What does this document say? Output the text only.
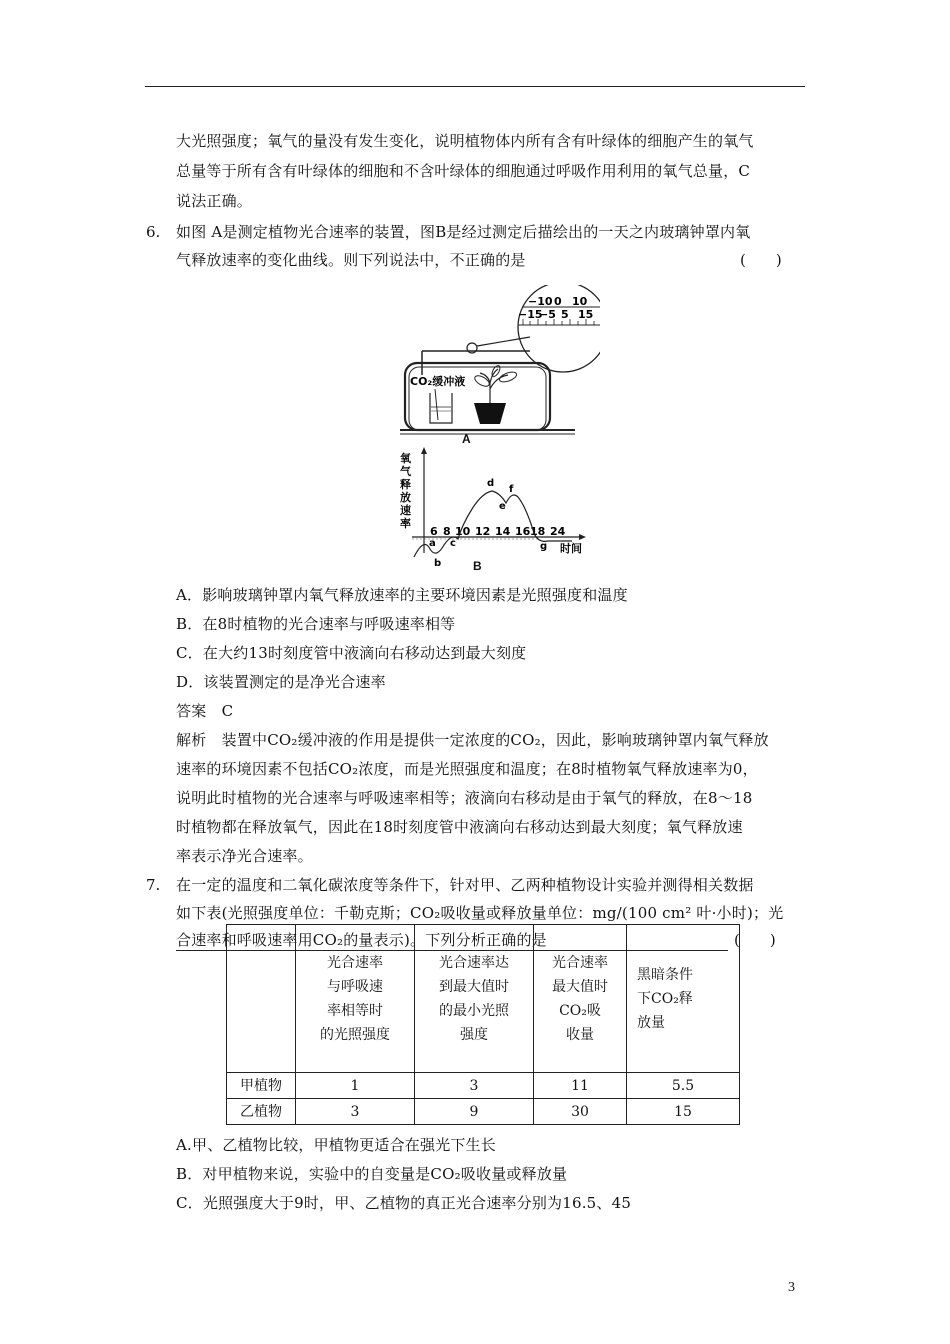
大光照强度；氧气的量没有发生变化，说明植物体内所有含有叶绿体的细胞产生的氧气
总量等于所有含有叶绿体的细胞和不含叶绿体的细胞通过呼吸作用利用的氧气总量，C
说法正确。
6. 如图 A是测定植物光合速率的装置，图B是经过测定后描绘出的一天之内玻璃钟罩内氧
气释放速率的变化曲线。则下列说法中，不正确的是	(　　)
−10 0 10
−15
−5 5 15
CO₂缓冲液
A
氧
气
释
放
速
率
6 8 10 12 14 16 18 24
a
b
c
d
e
f
g 时间
B
A．影响玻璃钟罩内氧气释放速率的主要环境因素是光照强度和温度
B．在8时植物的光合速率与呼吸速率相等
C．在大约13时刻度管中液滴向右移动达到最大刻度
D．该装置测定的是净光合速率
答案　C
解析　装置中CO₂缓冲液的作用是提供一定浓度的CO₂，因此，影响玻璃钟罩内氧气释放
速率的环境因素不包括CO₂浓度，而是光照强度和温度；在8时植物氧气释放速率为0，
说明此时植物的光合速率与呼吸速率相等；液滴向右移动是由于氧气的释放，在8～18
时植物都在释放氧气，因此在18时刻度管中液滴向右移动达到最大刻度；氧气释放速
率表示净光合速率。
7. 在一定的温度和二氧化碳浓度等条件下，针对甲、乙两种植物设计实验并测得相关数据
如下表(光照强度单位：千勒克斯；CO₂吸收量或释放量单位：mg/(100 cm² 叶·小时)；光
合速率和呼吸速率用CO₂的量表示)。下列分析正确的是	(　　)
	光合速率
与呼吸速
率相等时
的光照强度	光合速率达
到最大值时
的最小光照
强度	光合速率
最大值时
CO₂吸
收量	黑暗条件
下CO₂释
放量
甲植物	1	3	11	5.5
乙植物	3	9	30	15
A.甲、乙植物比较，甲植物更适合在强光下生长
B．对甲植物来说，实验中的自变量是CO₂吸收量或释放量
C．光照强度大于9时，甲、乙植物的真正光合速率分别为16.5、45
3
